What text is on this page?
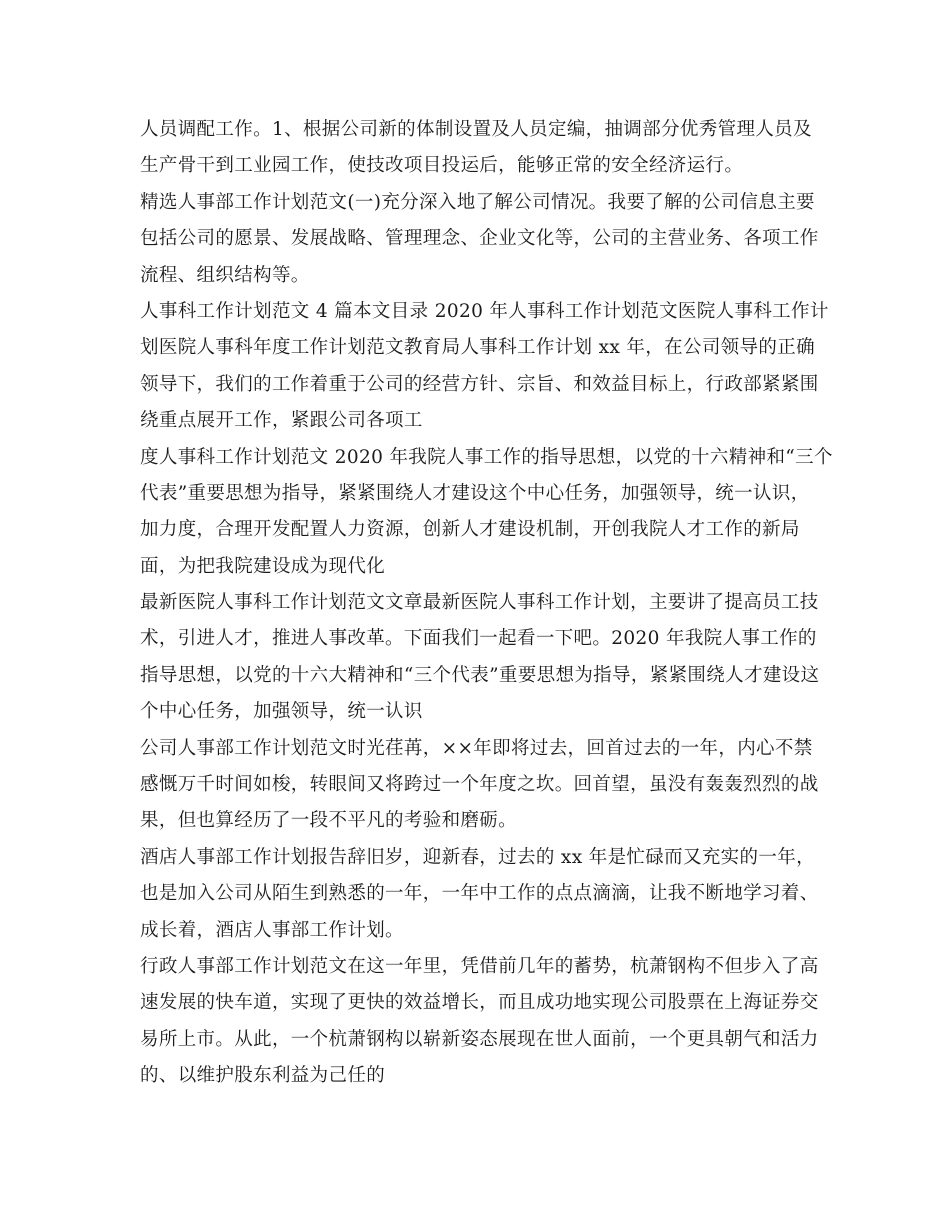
人员调配工作。1、根据公司新的体制设置及人员定编，抽调部分优秀管理人员及
生产骨干到工业园工作，使技改项目投运后，能够正常的安全经济运行。
精选人事部工作计划范文(一)充分深入地了解公司情况。我要了解的公司信息主要
包括公司的愿景、发展战略、管理理念、企业文化等，公司的主营业务、各项工作
流程、组织结构等。
人事科工作计划范文 4 篇本文目录 2020 年人事科工作计划范文医院人事科工作计
划医院人事科年度工作计划范文教育局人事科工作计划 xx 年，在公司领导的正确
领导下，我们的工作着重于公司的经营方针、宗旨、和效益目标上，行政部紧紧围
绕重点展开工作，紧跟公司各项工
度人事科工作计划范文 2020 年我院人事工作的指导思想，以党的十六精神和“三个
代表”重要思想为指导，紧紧围绕人才建设这个中心任务，加强领导，统一认识，
加力度，合理开发配置人力资源，创新人才建设机制，开创我院人才工作的新局
面，为把我院建设成为现代化
最新医院人事科工作计划范文文章最新医院人事科工作计划，主要讲了提高员工技
术，引进人才，推进人事改革。下面我们一起看一下吧。2020 年我院人事工作的
指导思想，以党的十六大精神和“三个代表”重要思想为指导，紧紧围绕人才建设这
个中心任务，加强领导，统一认识
公司人事部工作计划范文时光荏苒，××年即将过去，回首过去的一年，内心不禁
感慨万千时间如梭，转眼间又将跨过一个年度之坎。回首望，虽没有轰轰烈烈的战
果，但也算经历了一段不平凡的考验和磨砺。
酒店人事部工作计划报告辞旧岁，迎新春，过去的 xx 年是忙碌而又充实的一年，
也是加入公司从陌生到熟悉的一年，一年中工作的点点滴滴，让我不断地学习着、
成长着，酒店人事部工作计划。
行政人事部工作计划范文在这一年里，凭借前几年的蓄势，杭萧钢构不但步入了高
速发展的快车道，实现了更快的效益增长，而且成功地实现公司股票在上海证券交
易所上市。从此，一个杭萧钢构以崭新姿态展现在世人面前，一个更具朝气和活力
的、以维护股东利益为己任的
